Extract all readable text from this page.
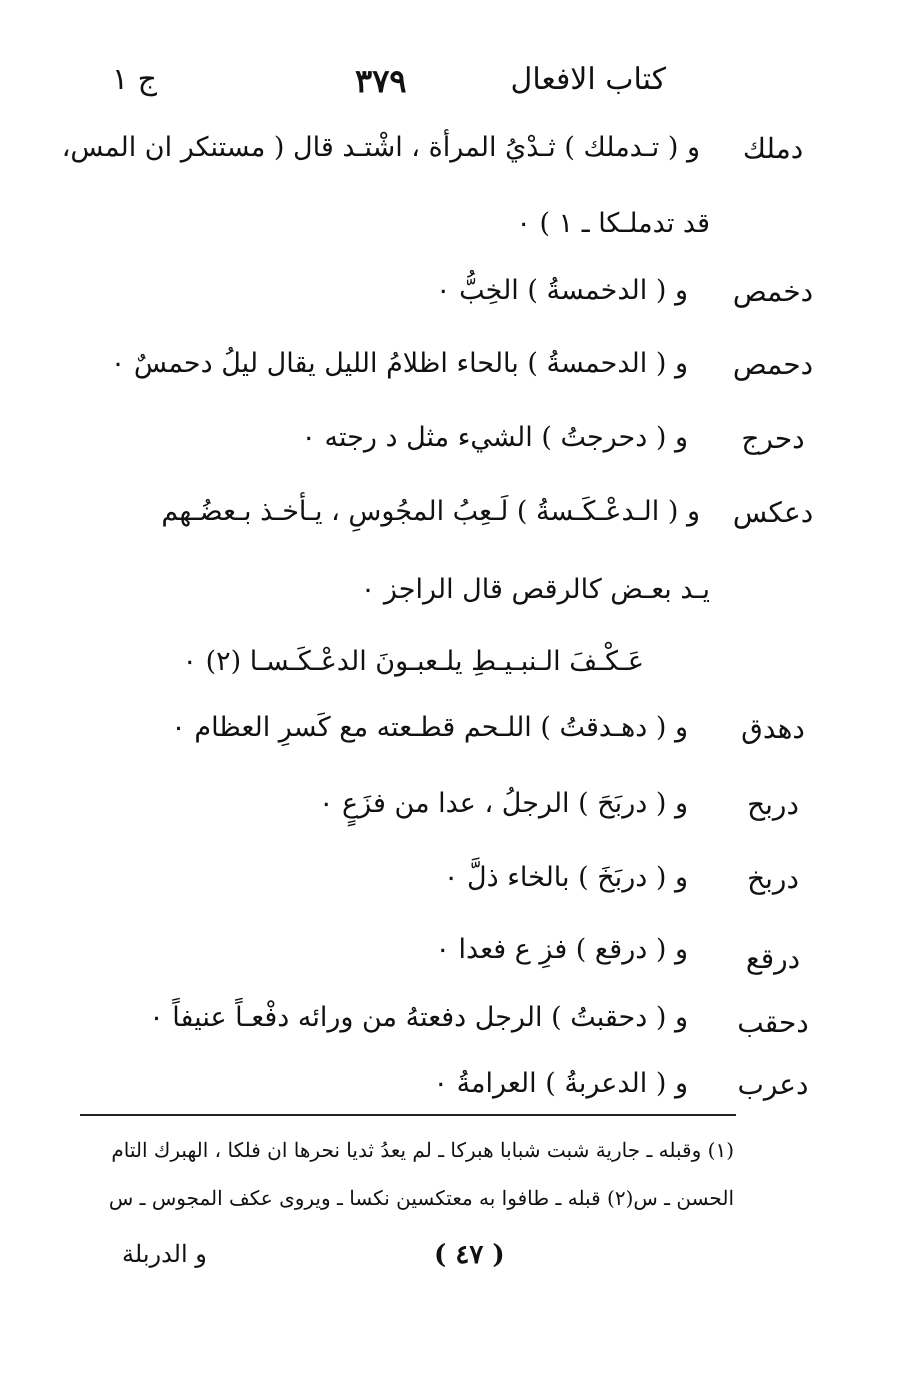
كتاب الافعال
٣٧٩
ج ١
دملك
و ( تـدملك ) ثـدْيُ المرأة ، اشْتـد قال ( مستنكر ان المس،
قد تدملـكا ـ ١ ) ٠
دخمص
و ( الدخمسةُ ) الخِبُّ ٠
دحمص
و ( الدحمسةُ ) بالحاء اظلامُ الليل يقال ليلُ دحمسٌ ٠
دحرج
و ( دحرجتُ ) الشيء مثل د رجته ٠
دعكس
و ( الـدعْـكَـسةُ ) لَـعِبُ المجُوسِ ، يـأخـذ بـعضُـهم
يـد بعـض كالرقص قال الراجز ٠
عَـكْـفَ الـنبـيـطِ يلـعبـونَ الدعْـكَـسـا (٢) ٠
دهدق
و ( دهـدقتُ ) اللـحم قطـعته مع كَسرِ العظام ٠
دربح
و ( دربَحَ ) الرجلُ ، عدا من فزَعٍ ٠
دربخ
و ( دربَخَ ) بالخاء ذلَّ ٠
درقع
و ( درقع ) فزِ ع فعدا ٠
دحقب
و ( دحقبتُ ) الرجل دفعتهُ من ورائه دفْعـاً عنيفاً ٠
دعرب
و ( الدعربةُ ) العرامةُ ٠
(١) وقبله ـ جارية شبت شبابا هبركا ـ لم يعدُ ثديا نحرها ان فلكا ، الهبرك التام
الحسن ـ س(٢) قبله ـ طافوا به معتكسين نكسا ـ ويروى عكف المجوس ـ س
( ٤٧ )
و الدربلة
